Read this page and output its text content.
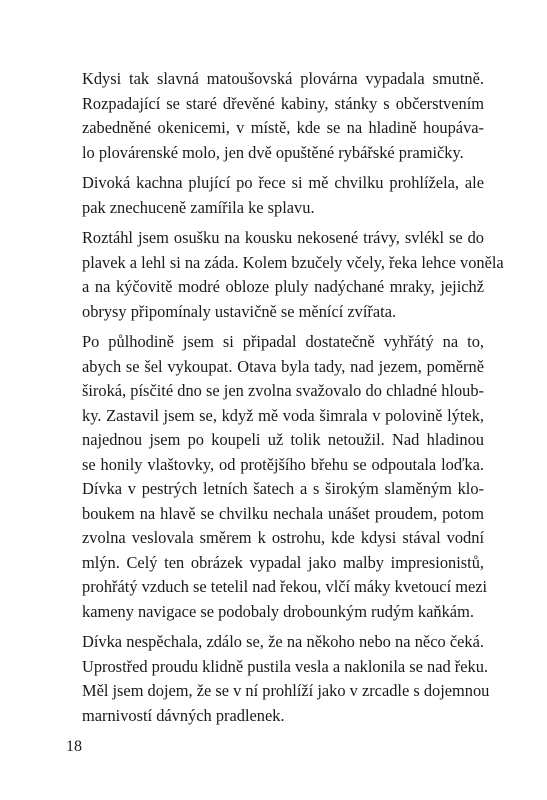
Kdysi tak slavná matoušovská plovárna vypadala smutně.
Rozpadající se staré dřevěné kabiny, stánky s občerstvením
zabedněné okenicemi, v místě, kde se na hladině houpáva-
lo plovárenské molo, jen dvě opuštěné rybářské pramičky.

Divoká kachna plující po řece si mě chvilku prohlížela, ale
pak znechuceně zamířila ke splavu.

Roztáhl jsem osušku na kousku nekosené trávy, svlékl se do
plavek a lehl si na záda. Kolem bzučely včely, řeka lehce voněla
a na kýčovitě modré obloze pluly nadýchané mraky, jejichž
obrysy připomínaly ustavičně se měnící zvířata.

Po půlhodině jsem si připadal dostatečně vyhřátý na to,
abych se šel vykoupat. Otava byla tady, nad jezem, poměrně
široká, písčité dno se jen zvolna svažovalo do chladné hloub-
ky. Zastavil jsem se, když mě voda šimrala v polovině lýtek,
najednou jsem po koupeli už tolik netoužil. Nad hladinou
se honily vlaštovky, od protějšího břehu se odpoutala loďka.
Dívka v pestrých letních šatech a s širokým slaměným klo-
boukem na hlavě se chvilku nechala unášet proudem, potom
zvolna veslovala směrem k ostrohu, kde kdysi stával vodní
mlýn. Celý ten obrázek vypadal jako malby impresionistů,
prohřátý vzduch se tetelil nad řekou, vlčí máky kvetoucí mezi
kameny navigace se podobaly drobounkým rudým kaňkám.

Dívka nespěchala, zdálo se, že na někoho nebo na něco čeká.
Uprostřed proudu klidně pustila vesla a naklonila se nad řeku.
Měl jsem dojem, že se v ní prohlíží jako v zrcadle s dojemnou
marnivostí dávných pradlenek.

18
